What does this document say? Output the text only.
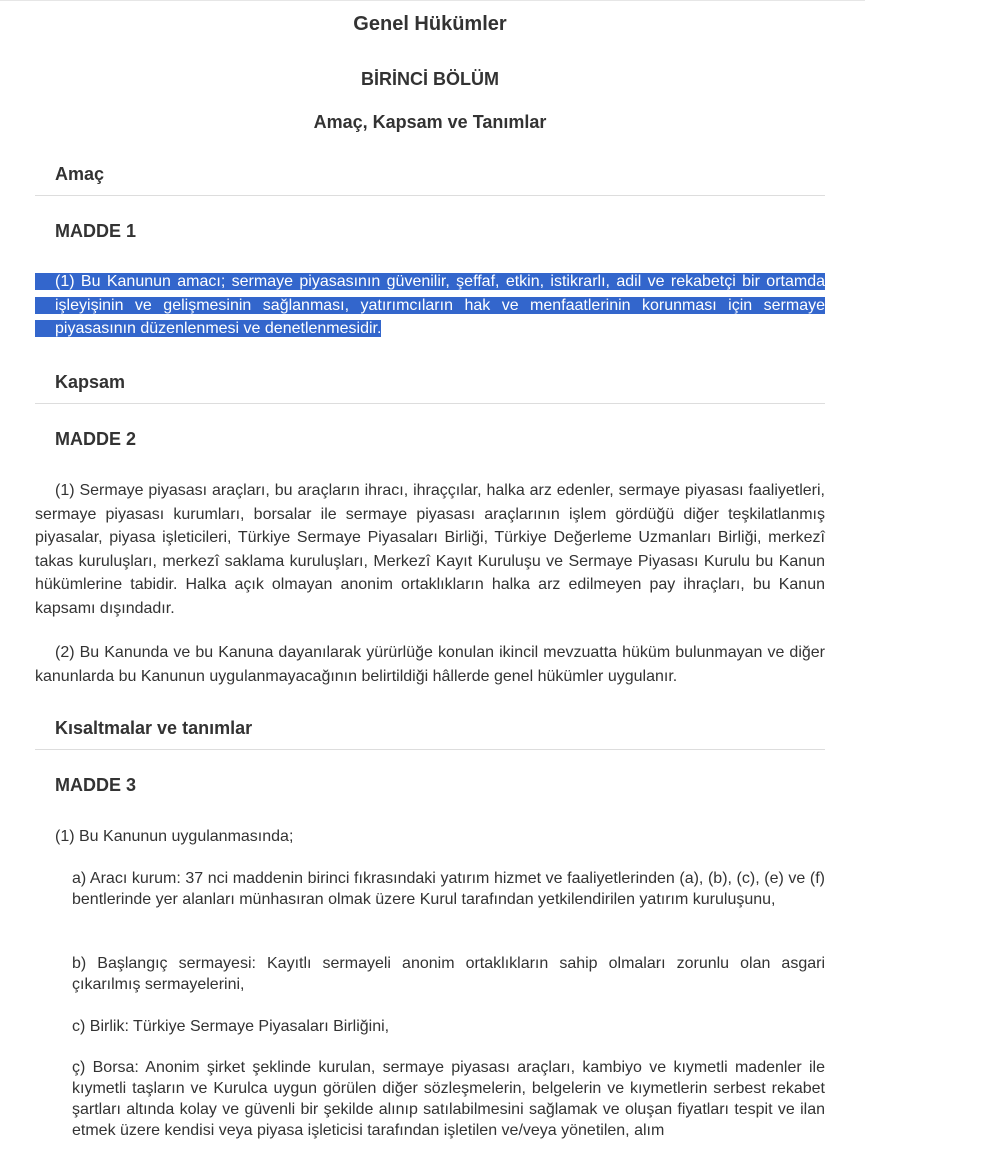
Genel Hükümler
BİRİNCİ BÖLÜM
Amaç, Kapsam ve Tanımlar
Amaç
MADDE 1

(1) Bu Kanunun amacı; sermaye piyasasının güvenilir, şeffaf, etkin, istikrarlı, adil ve rekabetçi bir ortamda işleyişinin ve gelişmesinin sağlanması, yatırımcıların hak ve menfaatlerinin korunması için sermaye piyasasının düzenlenmesi ve denetlenmesidir.

Kapsam
MADDE 2

(1) Sermaye piyasası araçları, bu araçların ihracı, ihraççılar, halka arz edenler, sermaye piyasası faaliyetleri, sermaye piyasası kurumları, borsalar ile sermaye piyasası araçlarının işlem gördüğü diğer teşkilatlanmış piyasalar, piyasa işleticileri, Türkiye Sermaye Piyasaları Birliği, Türkiye Değerleme Uzmanları Birliği, merkezî takas kuruluşları, merkezî saklama kuruluşları, Merkezî Kayıt Kuruluşu ve Sermaye Piyasası Kurulu bu Kanun hükümlerine tabidir. Halka açık olmayan anonim ortaklıkların halka arz edilmeyen pay ihraçları, bu Kanun kapsamı dışındadır.

(2) Bu Kanunda ve bu Kanuna dayanılarak yürürlüğe konulan ikincil mevzuatta hüküm bulunmayan ve diğer kanunlarda bu Kanunun uygulanmayacağının belirtildiği hâllerde genel hükümler uygulanır.

Kısaltmalar ve tanımlar
MADDE 3

(1) Bu Kanunun uygulanmasında;

a) Aracı kurum: 37 nci maddenin birinci fıkrasındaki yatırım hizmet ve faaliyetlerinden (a), (b), (c), (e) ve (f) bentlerinde yer alanları münhasıran olmak üzere Kurul tarafından yetkilendirilen yatırım kuruluşunu,

b) Başlangıç sermayesi: Kayıtlı sermayeli anonim ortaklıkların sahip olmaları zorunlu olan asgari çıkarılmış sermayelerini,

c) Birlik: Türkiye Sermaye Piyasaları Birliğini,

ç) Borsa: Anonim şirket şeklinde kurulan, sermaye piyasası araçları, kambiyo ve kıymetli madenler ile kıymetli taşların ve Kurulca uygun görülen diğer sözleşmelerin, belgelerin ve kıymetlerin serbest rekabet şartları altında kolay ve güvenli bir şekilde alınıp satılabilmesini sağlamak ve oluşan fiyatları tespit ve ilan etmek üzere kendisi veya piyasa işleticisi tarafından işletilen ve/veya yönetilen, alım
